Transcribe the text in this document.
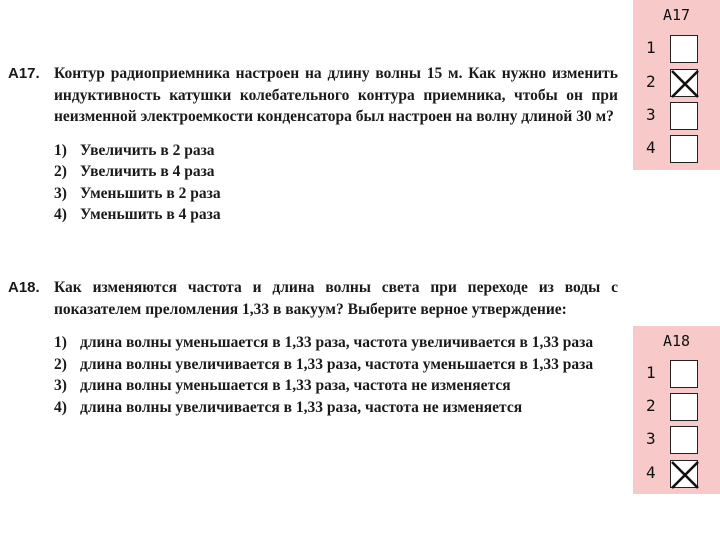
A17. Контур радиоприемника настроен на длину волны 15 м. Как нужно изменить индуктивность катушки колебательного контура приемника, чтобы он при неизменной электроемкости конденсатора был настроен на волну длиной 30 м?
1) Увеличить в 2 раза
2) Увеличить в 4 раза
3) Уменьшить в 2 раза
4) Уменьшить в 4 раза
A18. Как изменяются частота и длина волны света при переходе из воды с показателем преломления 1,33 в вакуум? Выберите верное утверждение:
1) длина волны уменьшается в 1,33 раза, частота увеличивается в 1,33 раза
2) длина волны увеличивается в 1,33 раза, частота уменьшается в 1,33 раза
3) длина волны уменьшается в 1,33 раза, частота не изменяется
4) длина волны увеличивается в 1,33 раза, частота не изменяется
A17
1
2
3
4
A18
1
2
3
4
